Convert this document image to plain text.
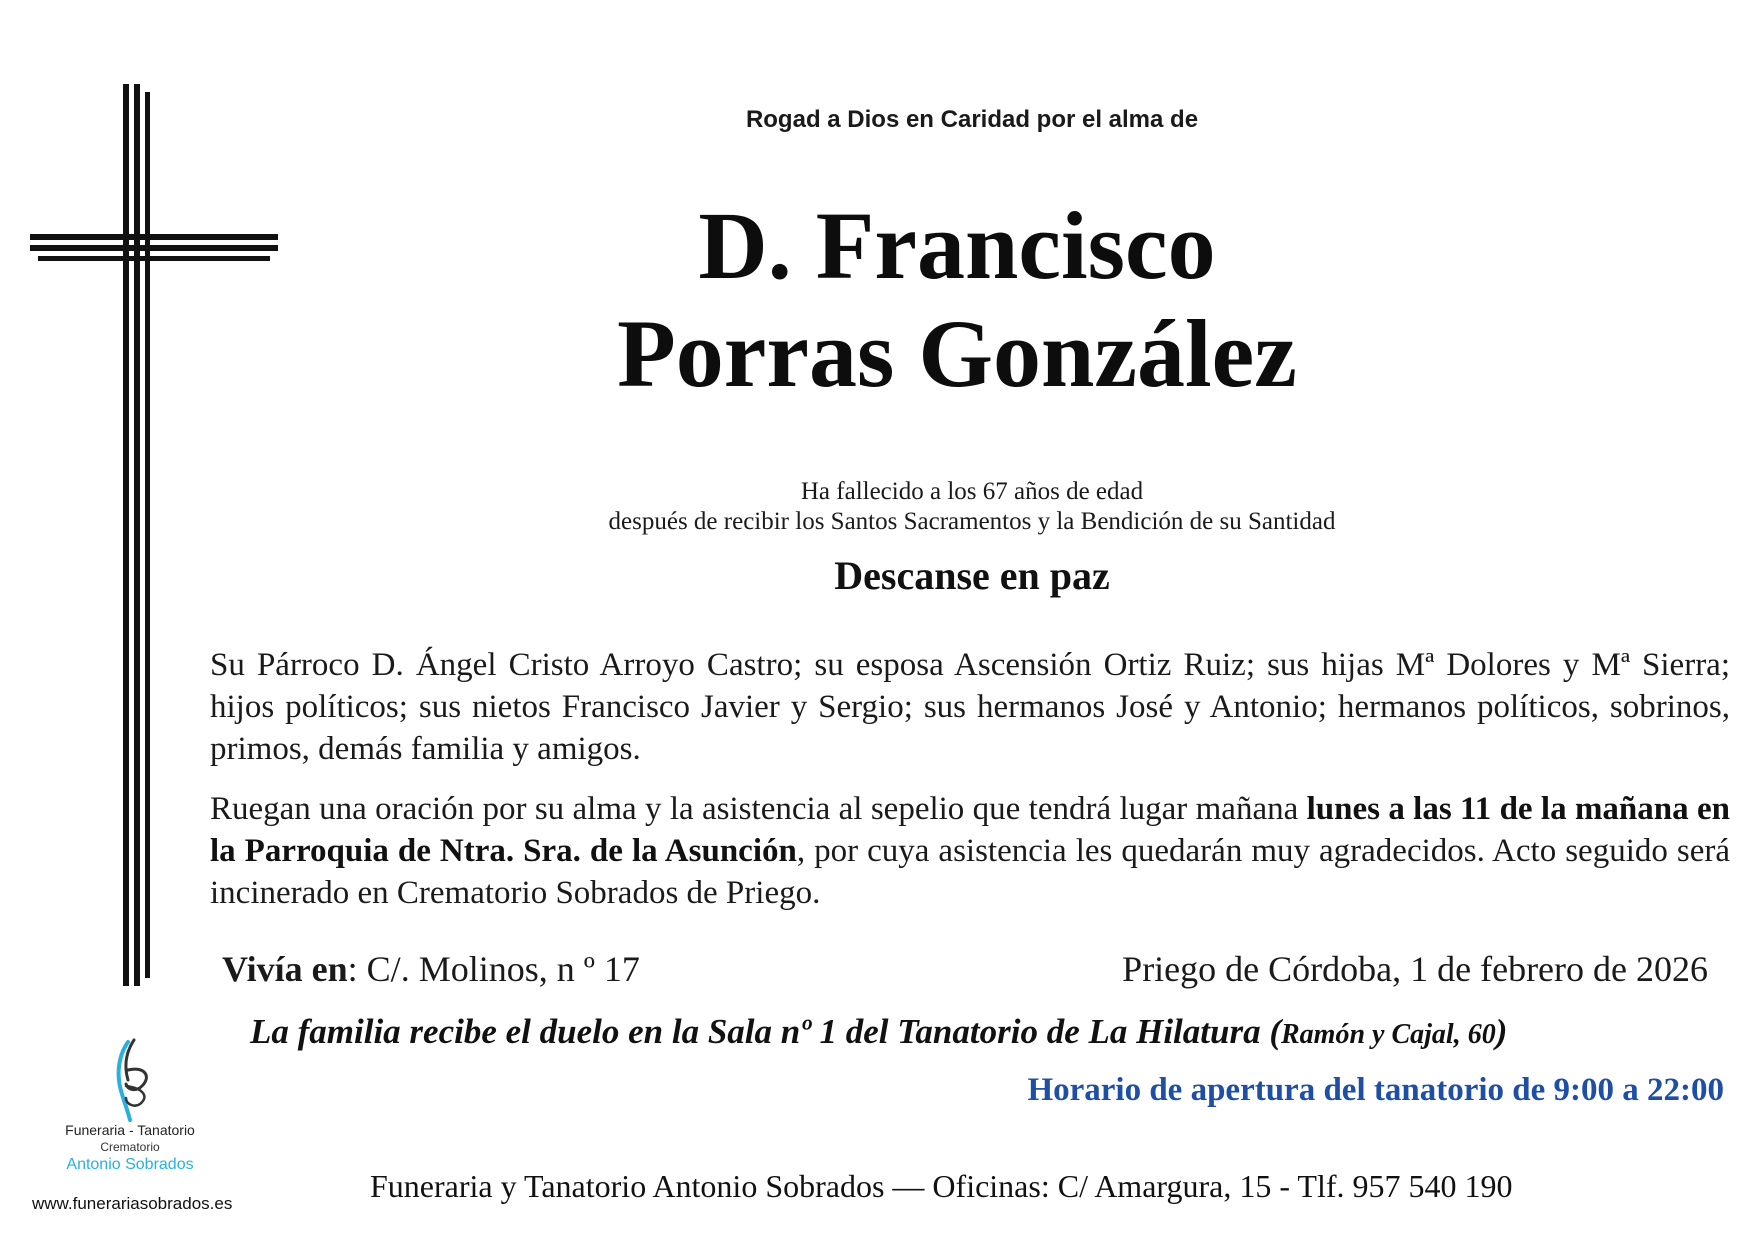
Rogad a Dios en Caridad por el alma de
D. Francisco
Porras González
Ha fallecido a los 67 años de edad
después de recibir los Santos Sacramentos y la Bendición de su Santidad
Descanse en paz
Su Párroco D. Ángel Cristo Arroyo Castro; su esposa Ascensión Ortiz Ruiz; sus hijas Mª Dolores y Mª Sierra; hijos políticos; sus nietos Francisco Javier y Sergio; sus hermanos José y Antonio; hermanos políticos, sobrinos, primos, demás familia y amigos.
Ruegan una oración por su alma y la asistencia al sepelio que tendrá lugar mañana lunes a las 11 de la mañana en la Parroquia de Ntra. Sra. de la Asunción, por cuya asistencia les quedarán muy agradecidos. Acto seguido será incinerado en Crematorio Sobrados de Priego.
Vivía en: C/. Molinos, n º 17	Priego de Córdoba, 1 de febrero de 2026
La familia recibe el duelo en la Sala nº 1 del Tanatorio de La Hilatura (Ramón y Cajal, 60)
Horario de apertura del tanatorio de 9:00 a 22:00
Funeraria y Tanatorio Antonio Sobrados — Oficinas: C/ Amargura, 15 - Tlf. 957 540 190
Funeraria - Tanatorio
Crematorio
Antonio Sobrados
www.funerariasobrados.es
